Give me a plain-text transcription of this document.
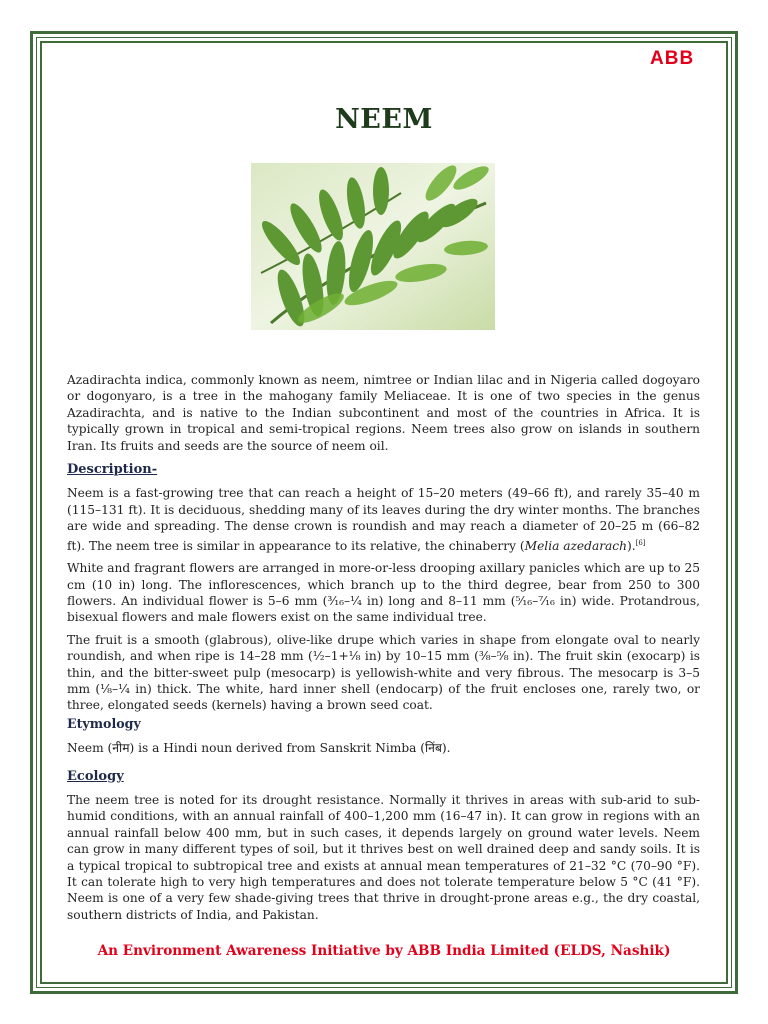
ABB
NEEM

Azadirachta indica, commonly known as neem, nimtree or Indian lilac and in Nigeria called dogoyaro or dogonyaro, is a tree in the mahogany family Meliaceae. It is one of two species in the genus Azadirachta, and is native to the Indian subcontinent and most of the countries in Africa. It is typically grown in tropical and semi-tropical regions. Neem trees also grow on islands in southern Iran. Its fruits and seeds are the source of neem oil.

Description-

Neem is a fast-growing tree that can reach a height of 15–20 meters (49–66 ft), and rarely 35–40 m (115–131 ft). It is deciduous, shedding many of its leaves during the dry winter months. The branches are wide and spreading. The dense crown is roundish and may reach a diameter of 20–25 m (66–82 ft). The neem tree is similar in appearance to its relative, the chinaberry (Melia azedarach).[6]

White and fragrant flowers are arranged in more-or-less drooping axillary panicles which are up to 25 cm (10 in) long. The inflorescences, which branch up to the third degree, bear from 250 to 300 flowers. An individual flower is 5–6 mm (³⁄₁₆–¹⁄₄ in) long and 8–11 mm (⁵⁄₁₆–⁷⁄₁₆ in) wide. Protandrous, bisexual flowers and male flowers exist on the same individual tree.

The fruit is a smooth (glabrous), olive-like drupe which varies in shape from elongate oval to nearly roundish, and when ripe is 14–28 mm (¹⁄₂–1+¹⁄₈ in) by 10–15 mm (³⁄₈–⁵⁄₈ in). The fruit skin (exocarp) is thin, and the bitter-sweet pulp (mesocarp) is yellowish-white and very fibrous. The mesocarp is 3–5 mm (¹⁄₈–¹⁄₄ in) thick. The white, hard inner shell (endocarp) of the fruit encloses one, rarely two, or three, elongated seeds (kernels) having a brown seed coat.

Etymology

Neem (नीम) is a Hindi noun derived from Sanskrit Nimba (निंब).

Ecology

The neem tree is noted for its drought resistance. Normally it thrives in areas with sub-arid to sub-humid conditions, with an annual rainfall of 400–1,200 mm (16–47 in). It can grow in regions with an annual rainfall below 400 mm, but in such cases, it depends largely on ground water levels. Neem can grow in many different types of soil, but it thrives best on well drained deep and sandy soils. It is a typical tropical to subtropical tree and exists at annual mean temperatures of 21–32 °C (70–90 °F). It can tolerate high to very high temperatures and does not tolerate temperature below 5 °C (41 °F). Neem is one of a very few shade-giving trees that thrive in drought-prone areas e.g., the dry coastal, southern districts of India, and Pakistan.

An Environment Awareness Initiative by ABB India Limited (ELDS, Nashik)
